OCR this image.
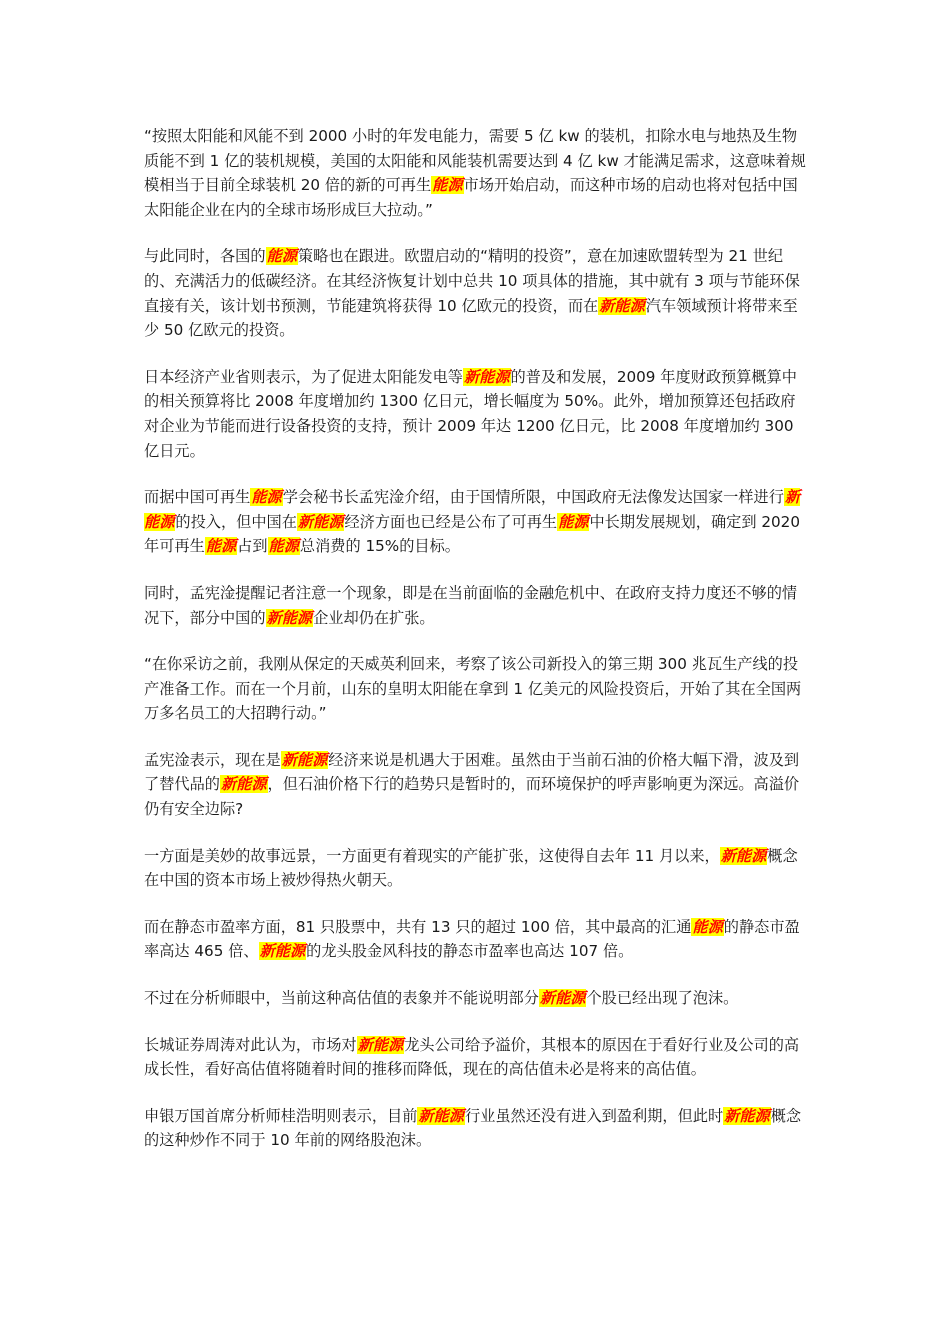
“按照太阳能和风能不到 2000 小时的年发电能力，需要 5 亿 kw 的装机，扣除水电与地热及生物质能不到 1 亿的装机规模，美国的太阳能和风能装机需要达到 4 亿 kw 才能满足需求，这意味着规模相当于目前全球装机 20 倍的新的可再生能源市场开始启动，而这种市场的启动也将对包括中国太阳能企业在内的全球市场形成巨大拉动。”

与此同时，各国的能源策略也在跟进。欧盟启动的“精明的投资”，意在加速欧盟转型为 21 世纪的、充满活力的低碳经济。在其经济恢复计划中总共 10 项具体的措施，其中就有 3 项与节能环保直接有关，该计划书预测，节能建筑将获得 10 亿欧元的投资，而在新能源汽车领域预计将带来至少 50 亿欧元的投资。

日本经济产业省则表示，为了促进太阳能发电等新能源的普及和发展，2009 年度财政预算概算中的相关预算将比 2008 年度增加约 1300 亿日元，增长幅度为 50%。此外，增加预算还包括政府对企业为节能而进行设备投资的支持，预计 2009 年达 1200 亿日元，比 2008 年度增加约 300 亿日元。

而据中国可再生能源学会秘书长孟宪淦介绍，由于国情所限，中国政府无法像发达国家一样进行新能源的投入，但中国在新能源经济方面也已经是公布了可再生能源中长期发展规划，确定到 2020 年可再生能源占到能源总消费的 15%的目标。

同时，孟宪淦提醒记者注意一个现象，即是在当前面临的金融危机中、在政府支持力度还不够的情况下，部分中国的新能源企业却仍在扩张。

“在你采访之前，我刚从保定的天威英利回来，考察了该公司新投入的第三期 300 兆瓦生产线的投产准备工作。而在一个月前，山东的皇明太阳能在拿到 1 亿美元的风险投资后，开始了其在全国两万多名员工的大招聘行动。”

孟宪淦表示，现在是新能源经济来说是机遇大于困难。虽然由于当前石油的价格大幅下滑，波及到了替代品的新能源，但石油价格下行的趋势只是暂时的，而环境保护的呼声影响更为深远。高溢价仍有安全边际?

一方面是美妙的故事远景，一方面更有着现实的产能扩张，这使得自去年 11 月以来，新能源概念在中国的资本市场上被炒得热火朝天。

而在静态市盈率方面，81 只股票中，共有 13 只的超过 100 倍，其中最高的汇通能源的静态市盈率高达 465 倍、新能源的龙头股金风科技的静态市盈率也高达 107 倍。

不过在分析师眼中，当前这种高估值的表象并不能说明部分新能源个股已经出现了泡沫。

长城证券周涛对此认为，市场对新能源龙头公司给予溢价，其根本的原因在于看好行业及公司的高成长性，看好高估值将随着时间的推移而降低，现在的高估值未必是将来的高估值。

申银万国首席分析师桂浩明则表示，目前新能源行业虽然还没有进入到盈利期，但此时新能源概念的这种炒作不同于 10 年前的网络股泡沫。
